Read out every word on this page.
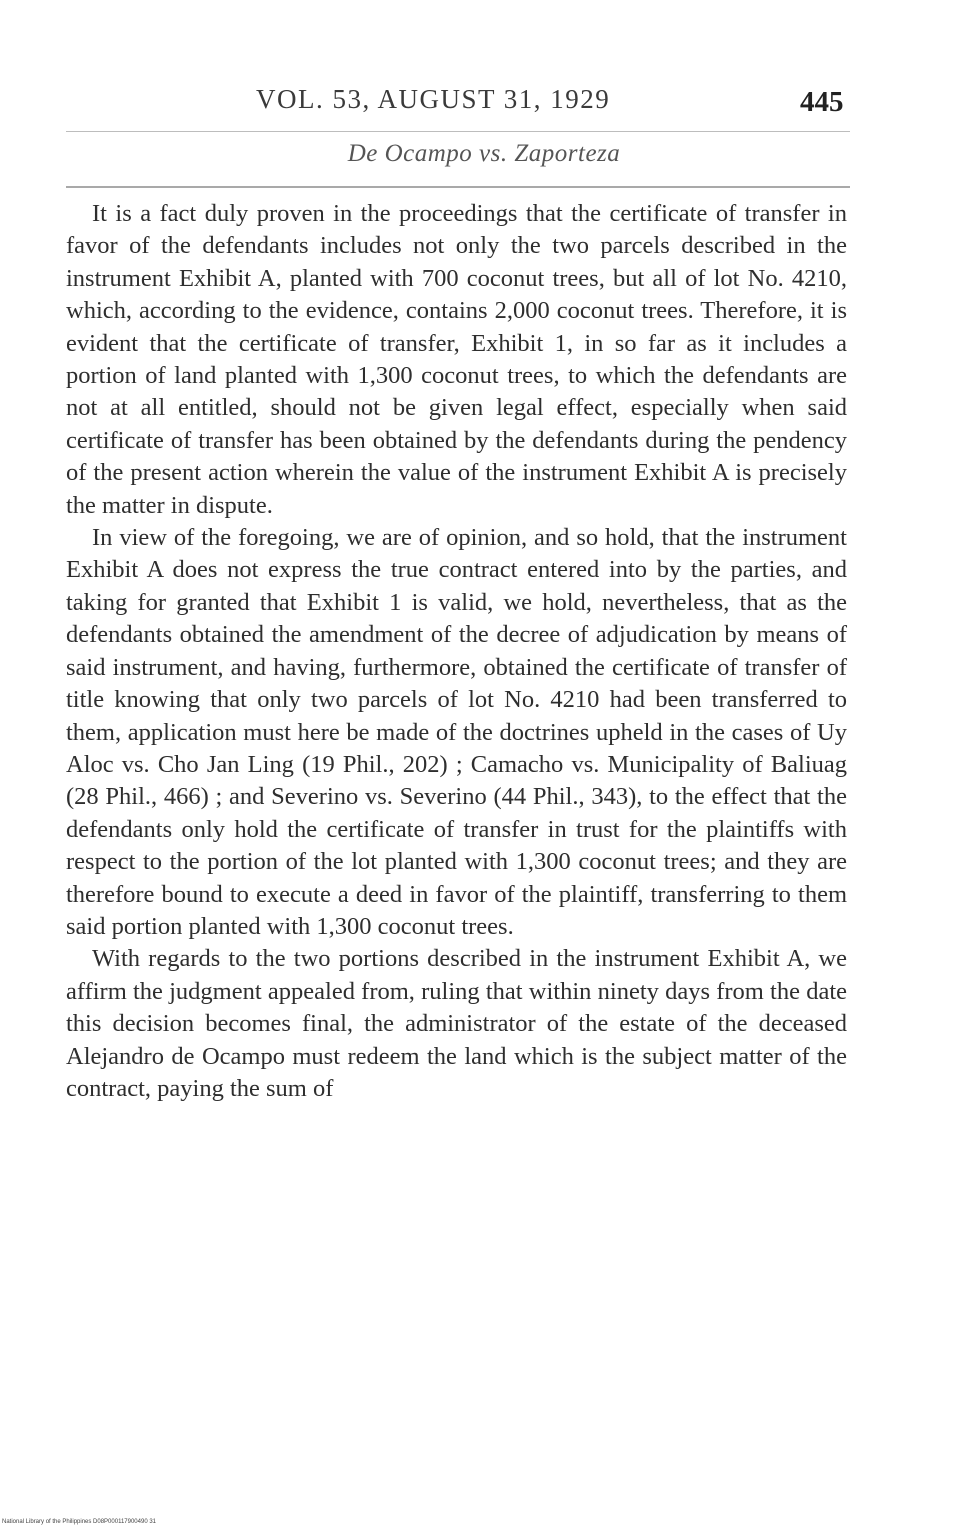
VOL. 53, AUGUST 31, 1929	445
De Ocampo vs. Zaporteza

It is a fact duly proven in the proceedings that the certificate of transfer in favor of the defendants includes not only the two parcels described in the instrument Exhibit A, planted with 700 coconut trees, but all of lot No. 4210, which, according to the evidence, contains 2,000 coconut trees. Therefore, it is evident that the certificate of transfer, Exhibit 1, in so far as it includes a portion of land planted with 1,300 coconut trees, to which the defendants are not at all entitled, should not be given legal effect, especially when said certificate of transfer has been obtained by the defendants during the pendency of the present action wherein the value of the instrument Exhibit A is precisely the matter in dispute.

In view of the foregoing, we are of opinion, and so hold, that the instrument Exhibit A does not express the true contract entered into by the parties, and taking for granted that Exhibit 1 is valid, we hold, nevertheless, that as the defendants obtained the amendment of the decree of adjudication by means of said instrument, and having, furthermore, obtained the certificate of transfer of title knowing that only two parcels of lot No. 4210 had been transferred to them, application must here be made of the doctrines upheld in the cases of Uy Aloc vs. Cho Jan Ling (19 Phil., 202) ; Camacho vs. Municipality of Baliuag (28 Phil., 466) ; and Severino vs. Severino (44 Phil., 343), to the effect that the defendants only hold the certificate of transfer in trust for the plaintiffs with respect to the portion of the lot planted with 1,300 coconut trees; and they are therefore bound to execute a deed in favor of the plaintiff, transferring to them said portion planted with 1,300 coconut trees.

With regards to the two portions described in the instrument Exhibit A, we affirm the judgment appealed from, ruling that within ninety days from the date this decision becomes final, the administrator of the estate of the deceased Alejandro de Ocampo must redeem the land which is the subject matter of the contract, paying the sum of

National Library of the Philippines D08P000117900490 31
